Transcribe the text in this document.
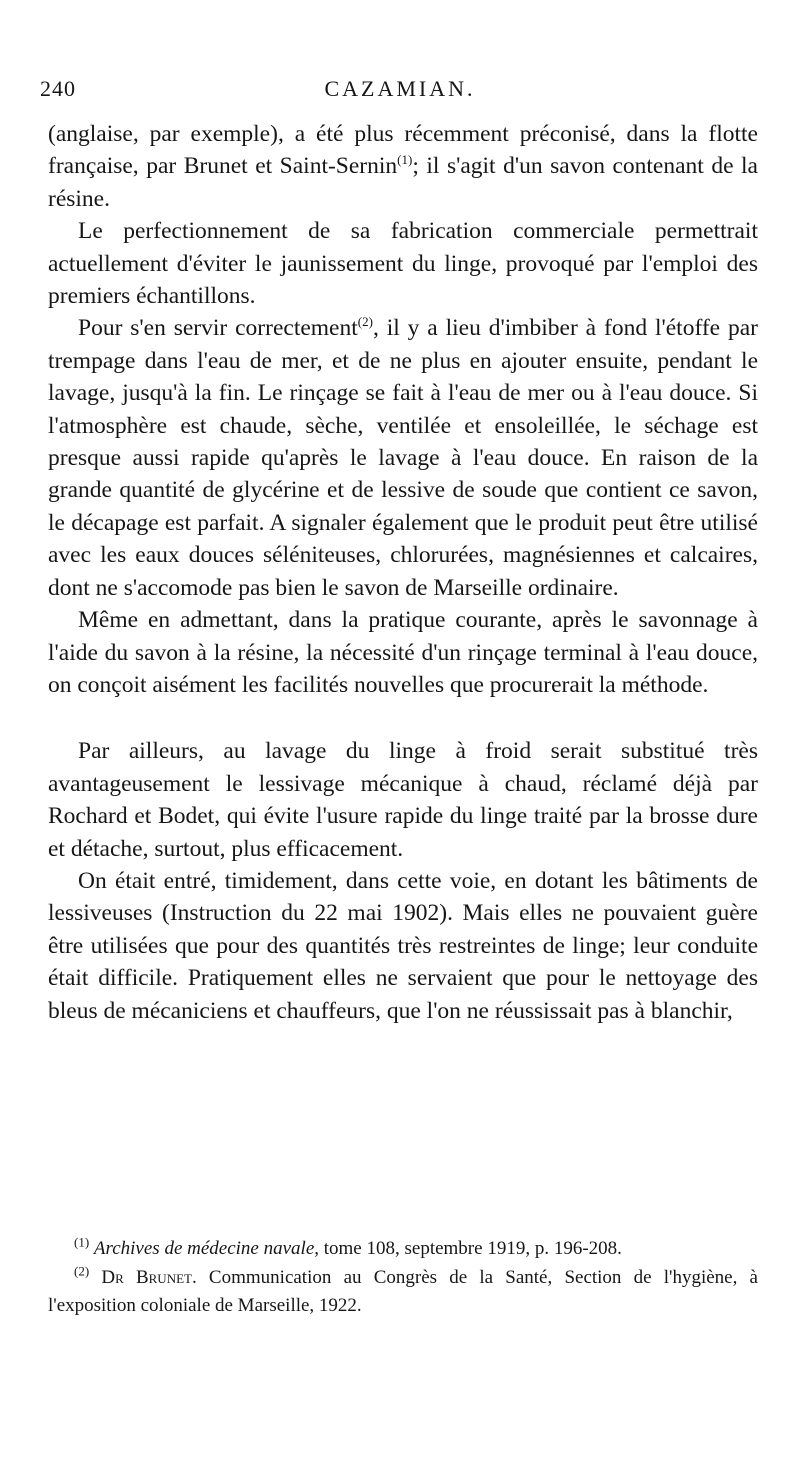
240	CAZAMIAN.

(anglaise, par exemple), a été plus récemment préconisé, dans la flotte française, par Brunet et Saint-Sernin$^{(1)}$; il s'agit d'un savon contenant de la résine.

Le perfectionnement de sa fabrication commerciale permettrait actuellement d'éviter le jaunissement du linge, provoqué par l'emploi des premiers échantillons.

Pour s'en servir correctement$^{(2)}$, il y a lieu d'imbiber à fond l'étoffe par trempage dans l'eau de mer, et de ne plus en ajouter ensuite, pendant le lavage, jusqu'à la fin. Le rinçage se fait à l'eau de mer ou à l'eau douce. Si l'atmosphère est chaude, sèche, ventilée et ensoleillée, le séchage est presque aussi rapide qu'après le lavage à l'eau douce. En raison de la grande quantité de glycérine et de lessive de soude que contient ce savon, le décapage est parfait. A signaler également que le produit peut être utilisé avec les eaux douces séléniteuses, chlorurées, magnésiennes et calcaires, dont ne s'accomode pas bien le savon de Marseille ordinaire.

Même en admettant, dans la pratique courante, après le savonnage à l'aide du savon à la résine, la nécessité d'un rinçage terminal à l'eau douce, on conçoit aisément les facilités nouvelles que procurerait la méthode.

Par ailleurs, au lavage du linge à froid serait substitué très avantageusement le lessivage mécanique à chaud, réclamé déjà par Rochard et Bodet, qui évite l'usure rapide du linge traité par la brosse dure et détache, surtout, plus efficacement.

On était entré, timidement, dans cette voie, en dotant les bâtiments de lessiveuses (Instruction du 22 mai 1902). Mais elles ne pouvaient guère être utilisées que pour des quantités très restreintes de linge; leur conduite était difficile. Pratiquement elles ne servaient que pour le nettoyage des bleus de mécaniciens et chauffeurs, que l'on ne réussissait pas à blanchir,

$^{(1)}$ Archives de médecine navale, tome 108, septembre 1919, p. 196-208.

$^{(2)}$ Dr Brunet. Communication au Congrès de la Santé, Section de l'hygiène, à l'exposition coloniale de Marseille, 1922.
